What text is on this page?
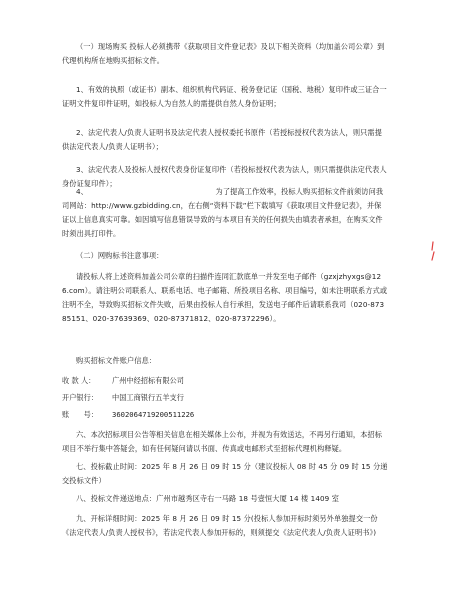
（一）现场购买 投标人必须携带《获取项目文件登记表》及以下相关资料（均加盖公司公章）到代理机构所在地购买招标文件。
1、有效的执照（或证书）副本、组织机构代码证、税务登记证（国税、地税）复印件或三证合一证明文件复印件证明，如投标人为自然人的需提供自然人身份证明；
2、法定代表人/负责人证明书及法定代表人授权委托书原件（若授标授权代表为法人，则只需提供法定代表人/负责人证明书）；
3、法定代表人及投标人授权代表身份证复印件（若投标授权代表为法人，则只需提供法定代表人身份证复印件）；
4、　　　　　　　　　　　　　　　　　　为了提高工作效率，投标人购买招标文件前须访问我司网站：http://www.gzbidding.cn，在右侧“资料下载”栏下载填写《获取项目文件登记表》，并保证以上信息真实可靠。如因填写信息错误导致的与本项目有关的任何损失由填表者承担，在购买文件时须出具打印件。
（二）网购标书注意事项：
请投标人将上述资料加盖公司公章的扫描件连同汇款底单一并发至电子邮件（gzxjzhyxgs@126.com）。请注明公司联系人、联系电话、电子邮箱、所投项目名称、项目编号，如未注明联系方式或注明不全，导致购买招标文件失败，后果由投标人自行承担，发送电子邮件后请联系我司（020-87385151、020-37639369、020-87371812、020-87372296）。
购买招标文件账户信息：
收 款 人： 广州中经招标有限公司
开户银行： 中国工商银行五羊支行
账　　号： 3602064719200511226
六、本次招标项目公告等相关信息在相关媒体上公布，并视为有效送达，不再另行通知，本招标项目不举行集中答疑会，如有任何疑问请以书面、传真或电邮形式至招标代理机构释疑。
七、投标截止时间：2025 年 8 月 26 日 09 时 15 分（建议投标人 08 时 45 分 09 时 15 分递交投标文件）
八、投标文件递送地点：广州市越秀区寺右一马路 18 号壹恒大厦 14 楼 1409 室
九、开标详细时间：2025 年 8 月 26 日 09 时 15 分(投标人参加开标时须另外单独提交一份《法定代表人/负责人授权书》，若法定代表人参加开标的，则须提交《法定代表人/负责人证明书》)
